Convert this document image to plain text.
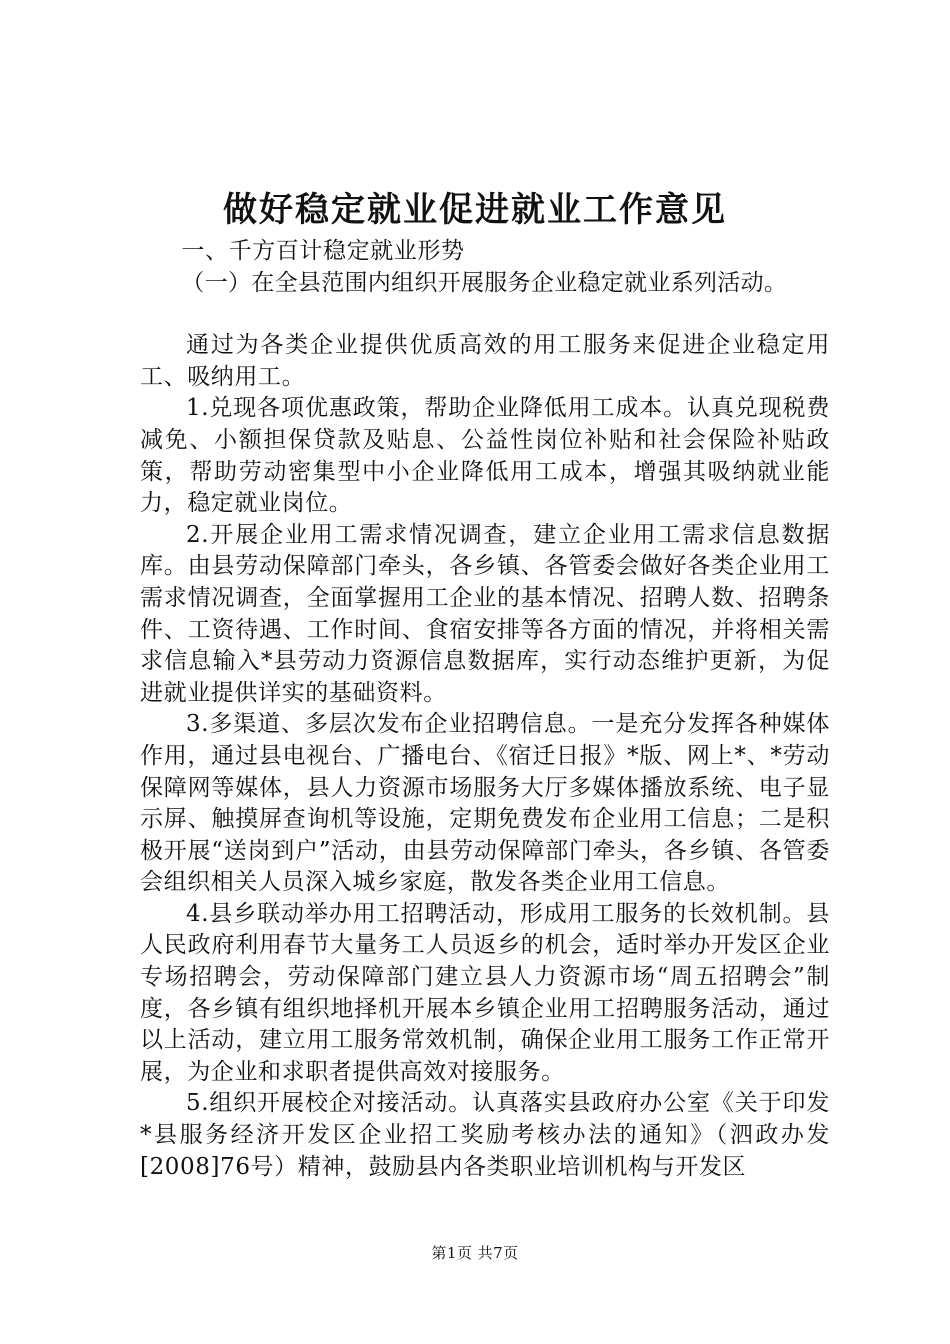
做好稳定就业促进就业工作意见

一、千方百计稳定就业形势

（一）在全县范围内组织开展服务企业稳定就业系列活动。

通过为各类企业提供优质高效的用工服务来促进企业稳定用工、吸纳用工。

1.兑现各项优惠政策，帮助企业降低用工成本。认真兑现税费减免、小额担保贷款及贴息、公益性岗位补贴和社会保险补贴政策，帮助劳动密集型中小企业降低用工成本，增强其吸纳就业能力，稳定就业岗位。

2.开展企业用工需求情况调查，建立企业用工需求信息数据库。由县劳动保障部门牵头，各乡镇、各管委会做好各类企业用工需求情况调查，全面掌握用工企业的基本情况、招聘人数、招聘条件、工资待遇、工作时间、食宿安排等各方面的情况，并将相关需求信息输入*县劳动力资源信息数据库，实行动态维护更新，为促进就业提供详实的基础资料。

3.多渠道、多层次发布企业招聘信息。一是充分发挥各种媒体作用，通过县电视台、广播电台、《宿迁日报》*版、网上*、*劳动保障网等媒体，县人力资源市场服务大厅多媒体播放系统、电子显示屏、触摸屏查询机等设施，定期免费发布企业用工信息；二是积极开展“送岗到户”活动，由县劳动保障部门牵头，各乡镇、各管委会组织相关人员深入城乡家庭，散发各类企业用工信息。

4.县乡联动举办用工招聘活动，形成用工服务的长效机制。县人民政府利用春节大量务工人员返乡的机会，适时举办开发区企业专场招聘会，劳动保障部门建立县人力资源市场“周五招聘会”制度，各乡镇有组织地择机开展本乡镇企业用工招聘服务活动，通过以上活动，建立用工服务常效机制，确保企业用工服务工作正常开展，为企业和求职者提供高效对接服务。

5.组织开展校企对接活动。认真落实县政府办公室《关于印发*县服务经济开发区企业招工奖励考核办法的通知》（泗政办发[2008]76号）精神，鼓励县内各类职业培训机构与开发区

第1页 共7页
